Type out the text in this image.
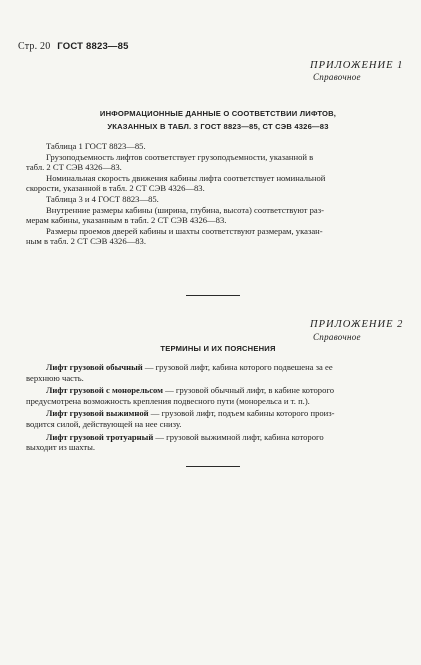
Стр. 20 ГОСТ 8823—85
ПРИЛОЖЕНИЕ 1
Справочное
ИНФОРМАЦИОННЫЕ ДАННЫЕ О СООТВЕТСТВИИ ЛИФТОВ,
УКАЗАННЫХ В ТАБЛ. 3 ГОСТ 8823—85, СТ СЭВ 4326—83
Таблица 1 ГОСТ 8823—85.
Грузоподъемность лифтов соответствует грузоподъемности, указанной в
табл. 2 СТ СЭВ 4326—83.
Номинальная скорость движения кабины лифта соответствует номинальной
скорости, указанной в табл. 2 СТ СЭВ 4326—83.
Таблица 3 и 4 ГОСТ 8823—85.
Внутренние размеры кабины (ширина, глубина, высота) соответствуют раз-
мерам кабины, указанным в табл. 2 СТ СЭВ 4326—83.
Размеры проемов дверей кабины и шахты соответствуют размерам, указан-
ным в табл. 2 СТ СЭВ 4326—83.
ПРИЛОЖЕНИЕ 2
Справочное
ТЕРМИНЫ И ИХ ПОЯСНЕНИЯ
Лифт грузовой обычный — грузовой лифт, кабина которого подвешена за ее
верхнюю часть.
Лифт грузовой с монорельсом — грузовой обычный лифт, в кабине которого
предусмотрена возможность крепления подвесного пути (монорельса и т. п.).
Лифт грузовой выжимной — грузовой лифт, подъем кабины которого произ-
водится силой, действующей на нее снизу.
Лифт грузовой тротуарный — грузовой выжимной лифт, кабина которого
выходит из шахты.
